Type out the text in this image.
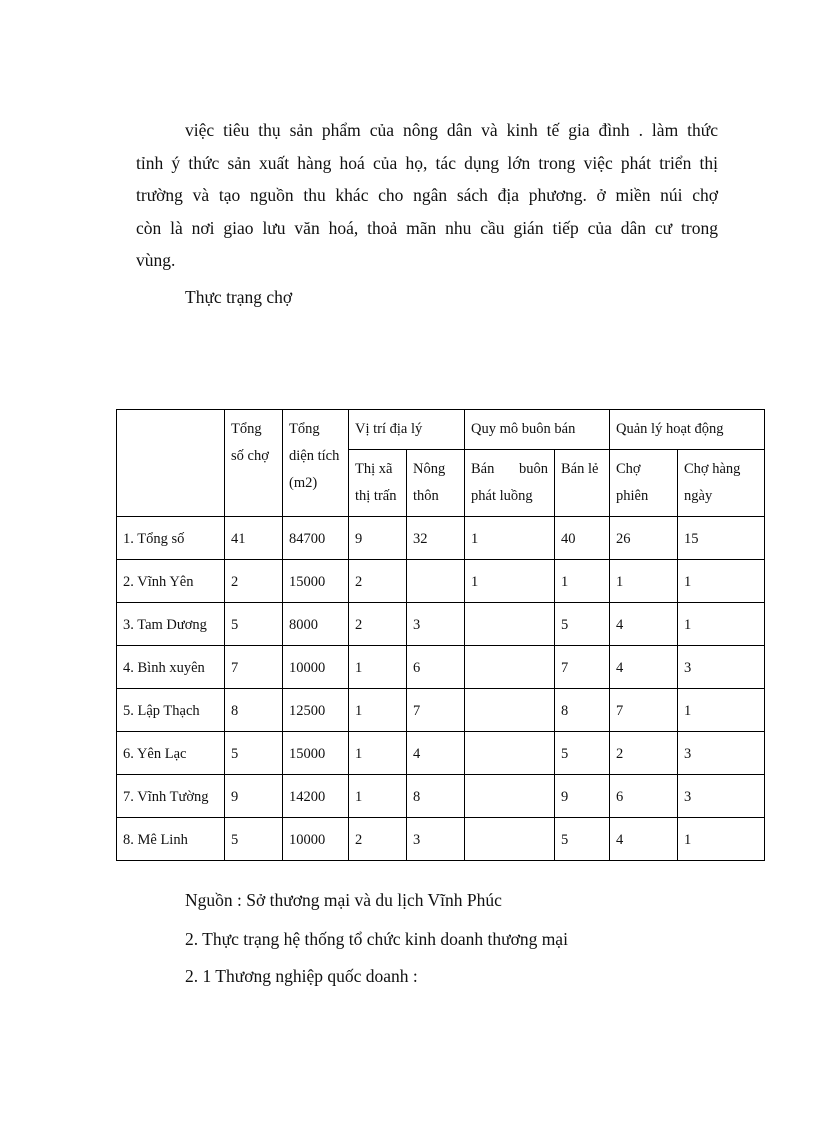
việc tiêu thụ sản phẩm của nông dân và kinh tế gia đình . làm thức
tỉnh ý thức sản xuất hàng hoá của họ, tác dụng lớn trong việc phát triển thị
trường và tạo nguồn thu khác cho ngân sách địa phương. ở miền núi chợ
còn là nơi giao lưu văn hoá, thoả mãn nhu cầu gián tiếp của dân cư trong
vùng.

Thực trạng chợ

	Tổng số chợ	Tổng diện tích (m2)	Vị trí địa lý		Quy mô buôn bán		Quản lý hoạt động	
			Thị xã thị trấn	Nông thôn	Bán buôn phát luồng	Bán lẻ	Chợ phiên	Chợ hàng ngày
1. Tổng số	41	84700	9	32	1	40	26	15
2. Vĩnh Yên	2	15000	2		1	1	1	1
3. Tam Dương	5	8000	2	3		5	4	1
4. Bình xuyên	7	10000	1	6		7	4	3
5. Lập Thạch	8	12500	1	7		8	7	1
6. Yên Lạc	5	15000	1	4		5	2	3
7. Vĩnh Tường	9	14200	1	8		9	6	3
8. Mê Linh	5	10000	2	3		5	4	1

Nguồn : Sở thương mại và du lịch Vĩnh Phúc

2. Thực trạng hệ thống tổ chức kinh doanh thương mại

2. 1 Thương nghiệp quốc doanh :
